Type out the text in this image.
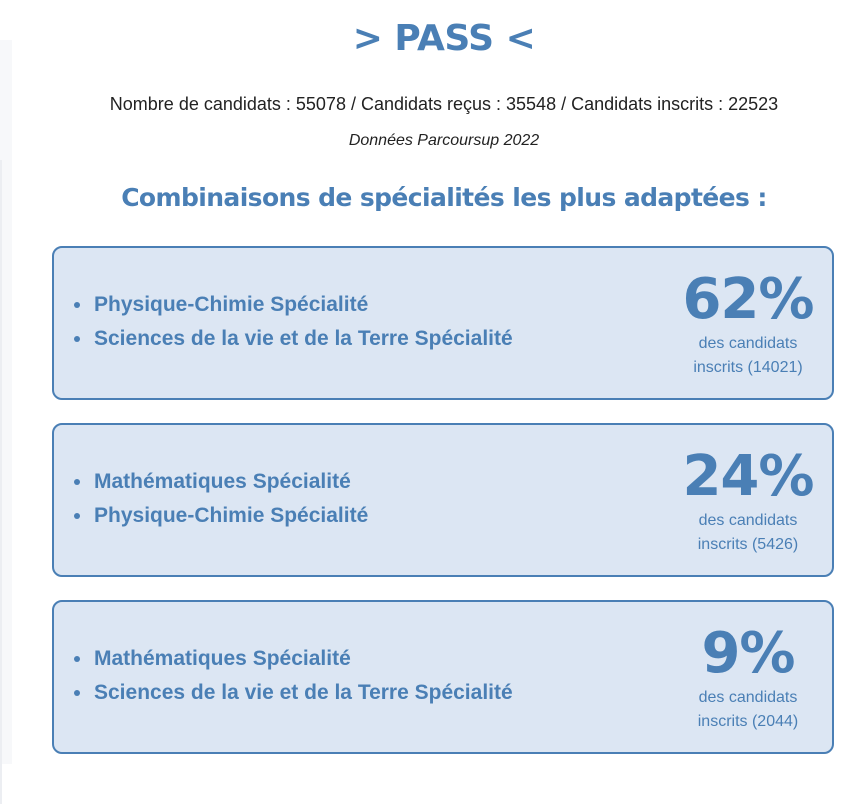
> PASS <
Nombre de candidats : 55078 / Candidats reçus : 35548 / Candidats inscrits : 22523
Données Parcoursup 2022
Combinaisons de spécialités les plus adaptées :
Physique-Chimie Spécialité
Sciences de la vie et de la Terre Spécialité
62%
des candidats
inscrits (14021)
Mathématiques Spécialité
Physique-Chimie Spécialité
24%
des candidats
inscrits (5426)
Mathématiques Spécialité
Sciences de la vie et de la Terre Spécialité
9%
des candidats
inscrits (2044)
